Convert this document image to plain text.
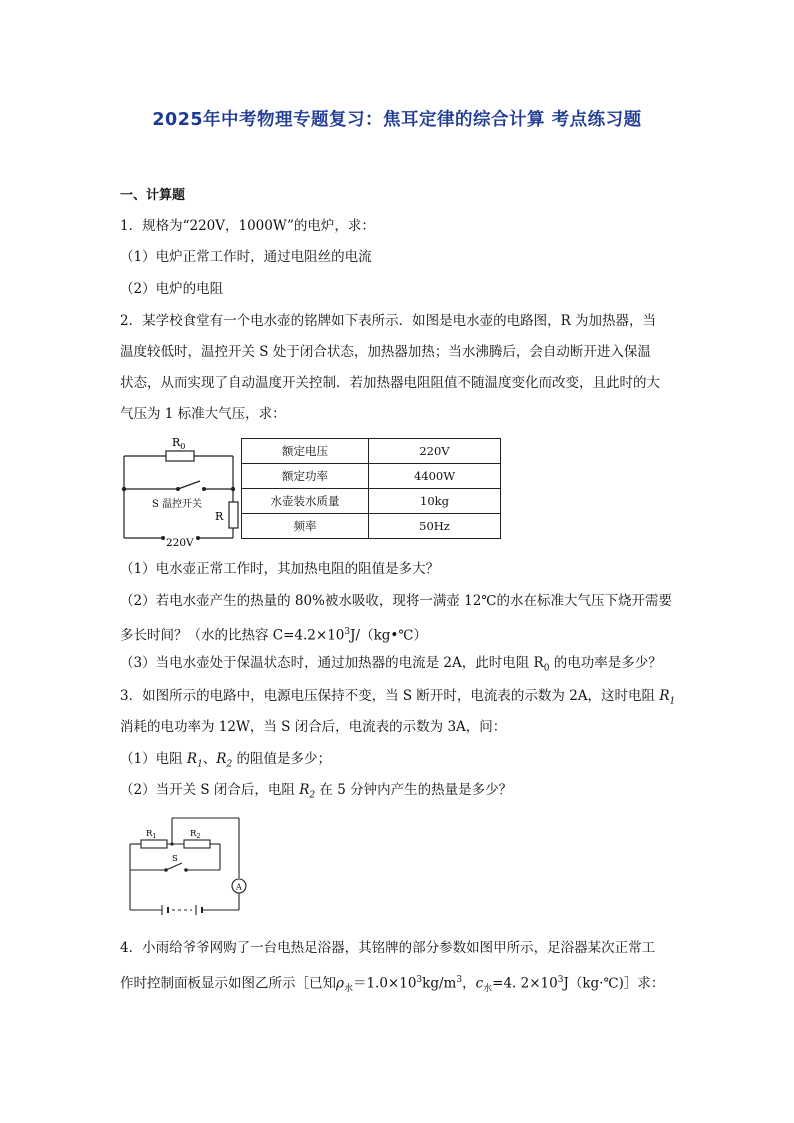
2025年中考物理专题复习：焦耳定律的综合计算 考点练习题
一、计算题
1．规格为“220V，1000W”的电炉，求：
（1）电炉正常工作时，通过电阻丝的电流
（2）电炉的电阻
2．某学校食堂有一个电水壶的铭牌如下表所示．如图是电水壶的电路图，R 为加热器，当
温度较低时，温控开关 S 处于闭合状态，加热器加热；当水沸腾后，会自动断开进入保温
状态，从而实现了自动温度开关控制．若加热器电阻阻值不随温度变化而改变，且此时的大
气压为 1 标准大气压，求：
$R_0$
S 温控开关
R
220V
额定电压	220V
额定功率	4400W
水壶装水质量	10kg
频率	50Hz
（1）电水壶正常工作时，其加热电阻的阻值是多大？
（2）若电水壶产生的热量的 80%被水吸收，现将一满壶 12℃的水在标准大气压下烧开需要
多长时间？（水的比热容 $C=4.2\times 10^3J/(kg•℃)$
（3）当电水壶处于保温状态时，通过加热器的电流是 2A，此时电阻 $R_0$ 的电功率是多少？
3．如图所示的电路中，电源电压保持不变，当 S 断开时，电流表的示数为 2A，这时电阻 $R_1$
消耗的电功率为 12W，当 S 闭合后，电流表的示数为 3A，问：
（1）电阻 $R_1$、$R_2$ 的阻值是多少；
（2）当开关 S 闭合后，电阻 $R_2$ 在 5 分钟内产生的热量是多少？
$R_1$	$R_2$
S
A
4．小雨给爷爷网购了一台电热足浴器，其铭牌的部分参数如图甲所示，足浴器某次正常工
作时控制面板显示如图乙所示［已知$\rho_水=1.0\times 10^3kg/m^3$，$c_水=4$. $2\times 10^3J(kg\cdot℃)]$求：
